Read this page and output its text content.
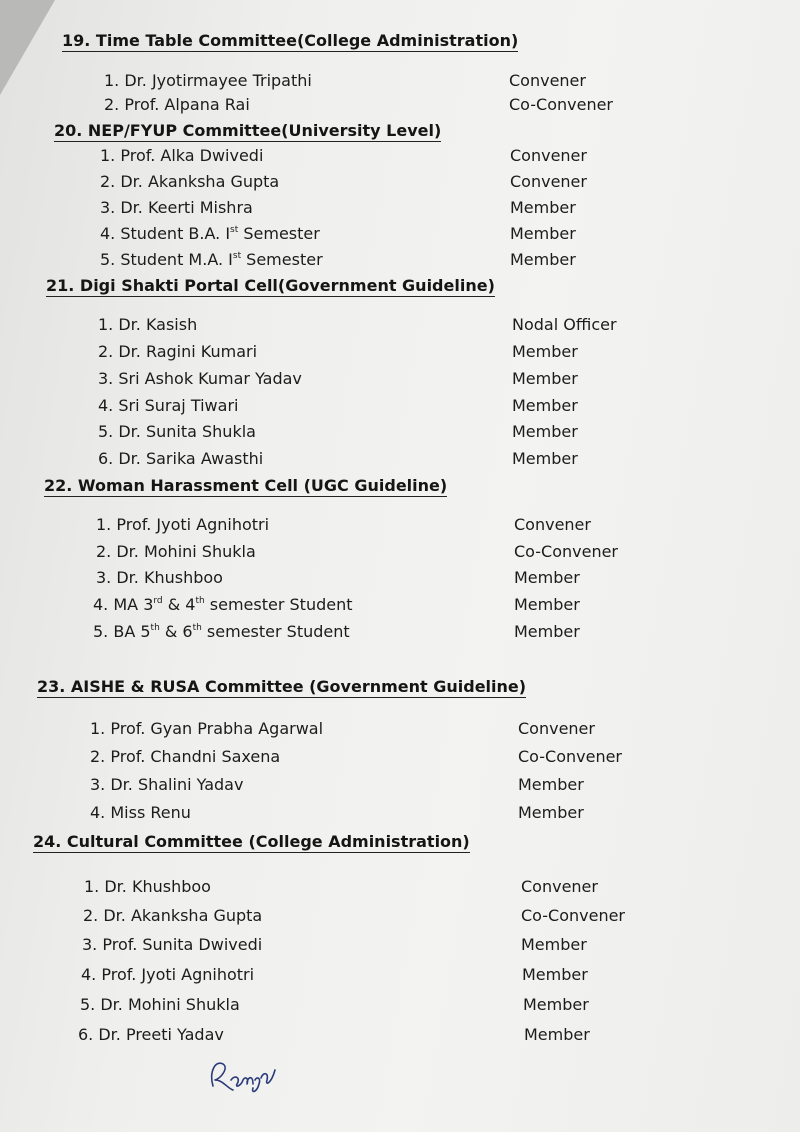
19. Time Table Committee(College Administration)
1. Dr. Jyotirmayee Tripathi	Convener
2. Prof. Alpana Rai	Co-Convener
20. NEP/FYUP Committee(University Level)
1. Prof. Alka Dwivedi	Convener
2. Dr. Akanksha Gupta	Convener
3. Dr. Keerti Mishra	Member
4. Student B.A. Ist Semester	Member
5. Student M.A. Ist Semester	Member
21. Digi Shakti Portal Cell(Government Guideline)
1. Dr. Kasish	Nodal Officer
2. Dr. Ragini Kumari	Member
3. Sri Ashok Kumar Yadav	Member
4. Sri Suraj Tiwari	Member
5. Dr. Sunita Shukla	Member
6. Dr. Sarika Awasthi	Member
22. Woman Harassment Cell (UGC Guideline)
1. Prof. Jyoti Agnihotri	Convener
2. Dr. Mohini Shukla	Co-Convener
3. Dr. Khushboo	Member
4. MA 3rd & 4th semester Student	Member
5. BA 5th & 6th semester Student	Member
23. AISHE & RUSA Committee (Government Guideline)
1. Prof. Gyan Prabha Agarwal	Convener
2. Prof. Chandni Saxena	Co-Convener
3. Dr. Shalini Yadav	Member
4. Miss Renu	Member
24. Cultural Committee (College Administration)
1. Dr. Khushboo	Convener
2. Dr. Akanksha Gupta	Co-Convener
3. Prof. Sunita Dwivedi	Member
4. Prof. Jyoti Agnihotri	Member
5. Dr. Mohini Shukla	Member
6. Dr. Preeti Yadav	Member
